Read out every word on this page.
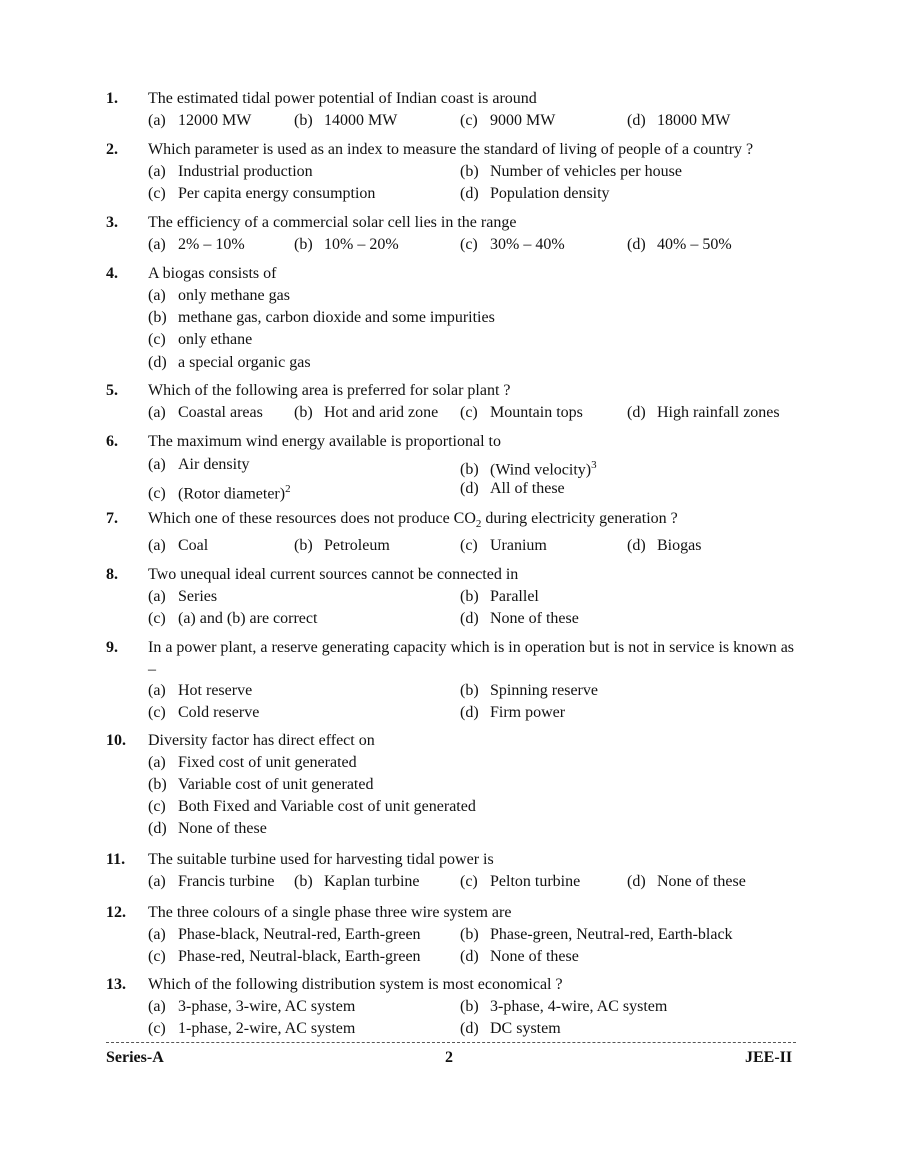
1. The estimated tidal power potential of Indian coast is around
(a) 12000 MW	(b) 14000 MW	(c) 9000 MW	(d) 18000 MW
2. Which parameter is used as an index to measure the standard of living of people of a country ?
(a) Industrial production	(b) Number of vehicles per house
(c) Per capita energy consumption	(d) Population density
3. The efficiency of a commercial solar cell lies in the range
(a) 2% – 10%	(b) 10% – 20%	(c) 30% – 40%	(d) 40% – 50%
4. A biogas consists of
(a) only methane gas
(b) methane gas, carbon dioxide and some impurities
(c) only ethane
(d) a special organic gas
5. Which of the following area is preferred for solar plant ?
(a) Coastal areas (b) Hot and arid zone (c) Mountain tops	(d) High rainfall zones
6. The maximum wind energy available is proportional to
(a) Air density	(b) (Wind velocity)$^3$
(c) (Rotor diameter)$^2$	(d) All of these
7. Which one of these resources does not produce $CO_2$ during electricity generation ?
(a) Coal	(b) Petroleum	(c) Uranium	(d) Biogas
8. Two unequal ideal current sources cannot be connected in
(a) Series	(b) Parallel
(c) (a) and (b) are correct	(d) None of these
9. In a power plant, a reserve generating capacity which is in operation but is not in service is known as –
(a) Hot reserve	(b) Spinning reserve
(c) Cold reserve	(d) Firm power
10. Diversity factor has direct effect on
(a) Fixed cost of unit generated
(b) Variable cost of unit generated
(c) Both Fixed and Variable cost of unit generated
(d) None of these
11. The suitable turbine used for harvesting tidal power is
(a) Francis turbine (b) Kaplan turbine	(c) Pelton turbine	(d) None of these
12. The three colours of a single phase three wire system are
(a) Phase-black, Neutral-red, Earth-green (b) Phase-green, Neutral-red, Earth-black
(c) Phase-red, Neutral-black, Earth-green (d) None of these
13. Which of the following distribution system is most economical ?
(a) 3-phase, 3-wire, AC system	(b) 3-phase, 4-wire, AC system
(c) 1-phase, 2-wire, AC system	(d) DC system
Series-A	2	JEE-II
